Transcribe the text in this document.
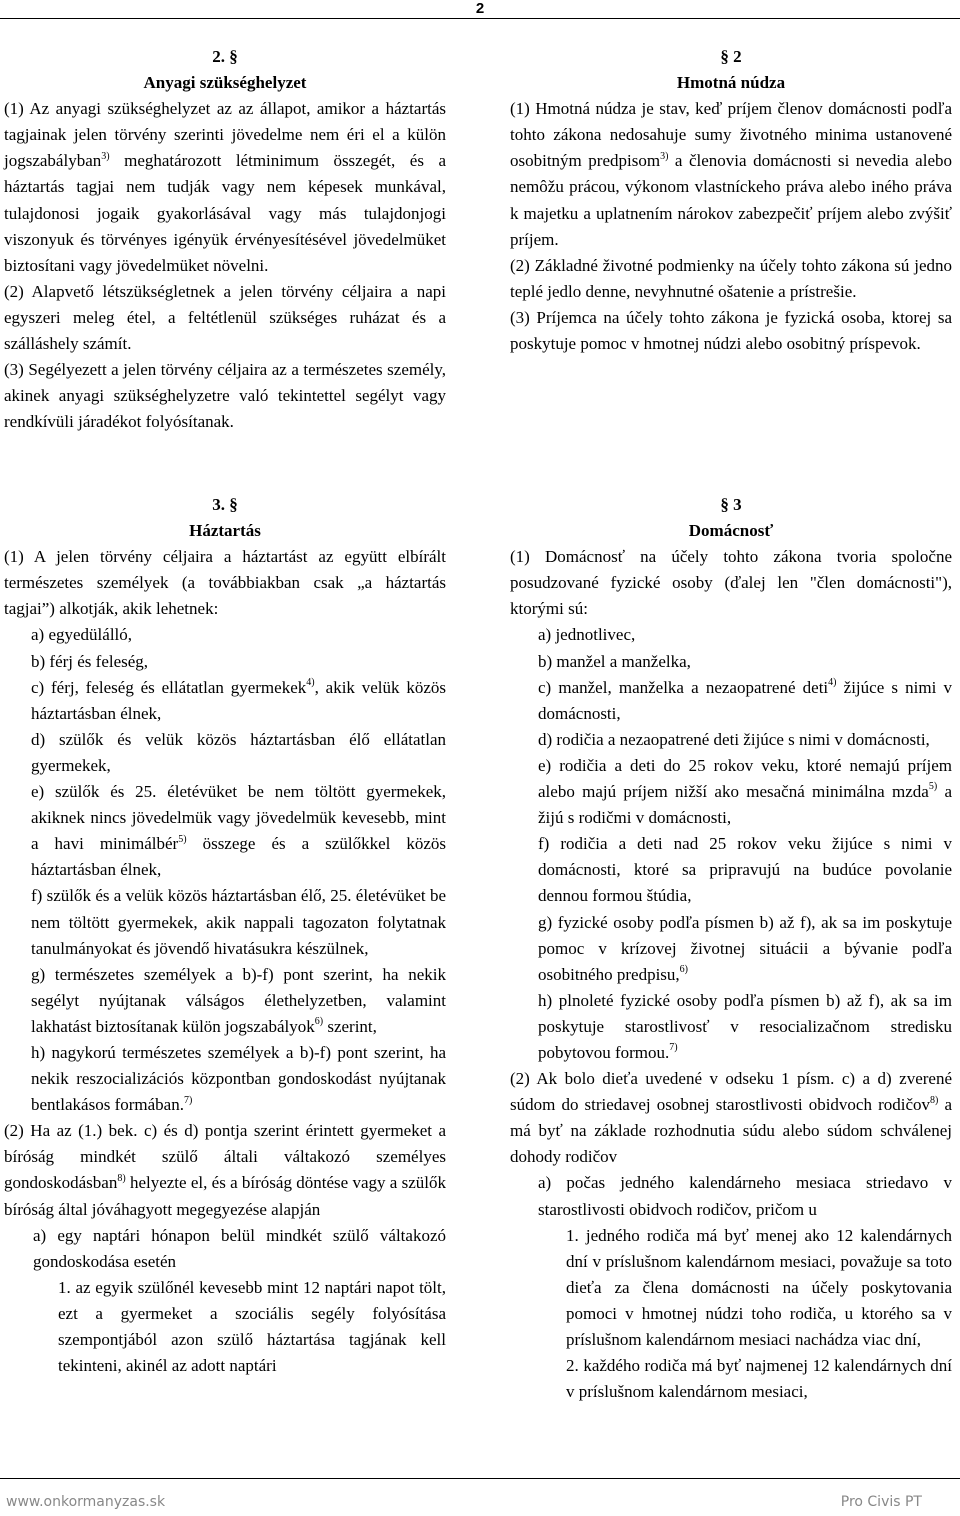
2

2. §

Anyagi szükséghelyzet

(1) Az anyagi szükséghelyzet az az állapot, amikor a háztartás tagjainak jelen törvény szerinti jövedelme nem éri el a külön jogszabályban$^{3)}$ meghatározott létminimum összegét, és a háztartás tagjai nem tudják vagy nem képesek munkával, tulajdonosi jogaik gyakorlásával vagy más tulajdonjogi viszonyuk és törvényes igényük érvényesítésével jövedelmüket biztosítani vagy jövedelmüket növelni.

(2) Alapvető létszükségletnek a jelen törvény céljaira a napi egyszeri meleg étel, a feltétlenül szükséges ruházat és a szálláshely számít.

(3) Segélyezett a jelen törvény céljaira az a természetes személy, akinek anyagi szükséghelyzetre való tekintettel segélyt vagy rendkívüli járadékot folyósítanak.

§ 2

Hmotná núdza

(1) Hmotná núdza je stav, keď príjem členov domácnosti podľa tohto zákona nedosahuje sumy životného minima ustanovené osobitným predpisom$^{3)}$ a členovia domácnosti si nevedia alebo nemôžu prácou, výkonom vlastníckeho práva alebo iného práva k majetku a uplatnením nárokov zabezpečiť príjem alebo zvýšiť príjem.

(2) Základné životné podmienky na účely tohto zákona sú jedno teplé jedlo denne, nevyhnutné ošatenie a prístrešie.

(3) Príjemca na účely tohto zákona je fyzická osoba, ktorej sa poskytuje pomoc v hmotnej núdzi alebo osobitný príspevok.

3. §

Háztartás

(1) A jelen törvény céljaira a háztartást az együtt elbírált természetes személyek (a továbbiakban csak „a háztartás tagjai”) alkotják, akik lehetnek:

a) egyedülálló,

b) férj és feleség,

c) férj, feleség és ellátatlan gyermekek$^{4)}$, akik velük közös háztartásban élnek,

d) szülők és velük közös háztartásban élő ellátatlan gyermekek,

e) szülők és 25. életévüket be nem töltött gyermekek, akiknek nincs jövedelmük vagy jövedelmük kevesebb, mint a havi minimálbér$^{5)}$ összege és a szülőkkel közös háztartásban élnek,

f) szülők és a velük közös háztartásban élő, 25. életévüket be nem töltött gyermekek, akik nappali tagozaton folytatnak tanulmányokat és jövendő hivatásukra készülnek,

g) természetes személyek a b)-f) pont szerint, ha nekik segélyt nyújtanak válságos élethelyzetben, valamint lakhatást biztosítanak külön jogszabályok$^{6)}$ szerint,

h) nagykorú természetes személyek a b)-f) pont szerint, ha nekik reszocializációs központban gondoskodást nyújtanak bentlakásos formában.$^{7)}$

(2) Ha az (1.) bek. c) és d) pontja szerint érintett gyermeket a bíróság mindkét szülő általi váltakozó személyes gondoskodásban$^{8)}$ helyezte el, és a bíróság döntése vagy a szülők bíróság által jóváhagyott megegyezése alapján

a) egy naptári hónapon belül mindkét szülő váltakozó gondoskodása esetén

1. az egyik szülőnél kevesebb mint 12 naptári napot tölt, ezt a gyermeket a szociális segély folyósítása szempontjából azon szülő háztartása tagjának kell tekinteni, akinél az adott naptári

§ 3

Domácnosť

(1) Domácnosť na účely tohto zákona tvoria spoločne posudzované fyzické osoby (ďalej len "člen domácnosti"), ktorými sú:

a) jednotlivec,

b) manžel a manželka,

c) manžel, manželka a nezaopatrené deti$^{4)}$ žijúce s nimi v domácnosti,

d) rodičia a nezaopatrené deti žijúce s nimi v domácnosti,

e) rodičia a deti do 25 rokov veku, ktoré nemajú príjem alebo majú príjem nižší ako mesačná minimálna mzda$^{5)}$ a žijú s rodičmi v domácnosti,

f) rodičia a deti nad 25 rokov veku žijúce s nimi v domácnosti, ktoré sa pripravujú na budúce povolanie dennou formou štúdia,

g) fyzické osoby podľa písmen b) až f), ak sa im poskytuje pomoc v krízovej životnej situácii a bývanie podľa osobitného predpisu,$^{6)}$

h) plnoleté fyzické osoby podľa písmen b) až f), ak sa im poskytuje starostlivosť v resocializačnom stredisku pobytovou formou.$^{7)}$

(2) Ak bolo dieťa uvedené v odseku 1 písm. c) a d) zverené súdom do striedavej osobnej starostlivosti obidvoch rodičov$^{8)}$ a má byť na základe rozhodnutia súdu alebo súdom schválenej dohody rodičov

a) počas jedného kalendárneho mesiaca striedavo v starostlivosti obidvoch rodičov, pričom u

1. jedného rodiča má byť menej ako 12 kalendárnych dní v príslušnom kalendárnom mesiaci, považuje sa toto dieťa za člena domácnosti na účely poskytovania pomoci v hmotnej núdzi toho rodiča, u ktorého sa v príslušnom kalendárnom mesiaci nachádza viac dní,

2. každého rodiča má byť najmenej 12 kalendárnych dní v príslušnom kalendárnom mesiaci,

www.onkormanyzas.sk	Pro Civis PT
